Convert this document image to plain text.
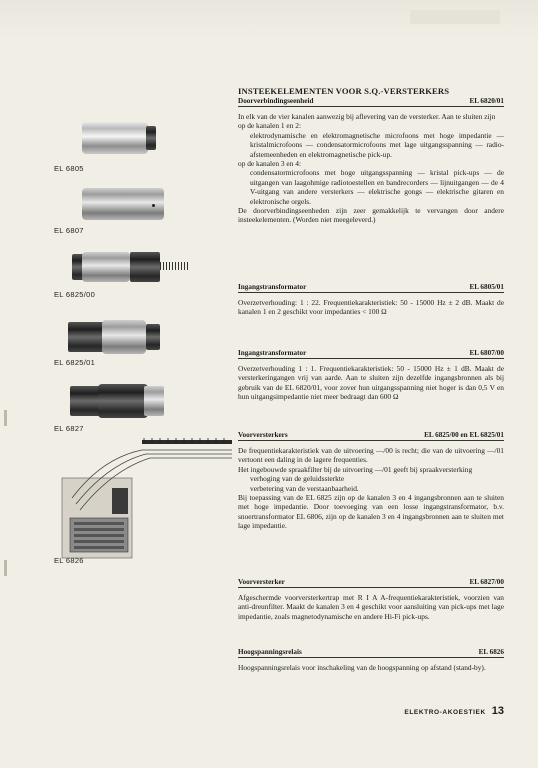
EL 6805
EL 6807
EL 6825/00
EL 6825/01
EL 6827
EL 6826
INSTEEKELEMENTEN VOOR S.Q.-VERSTERKERS
Doorverbindingseenheid	EL 6820/01

In elk van de vier kanalen aanwezig bij aflevering van de versterker. Aan te sluiten zijn

op de kanalen 1 en 2:

elektrodynamische en elektromagnetische microfoons met hoge impedantie — kristalmicrofoons — condensatormicrofoons met lage uitgangsspanning — radio-afstemeenheden en elektromagnetische pick-up.

op de kanalen 3 en 4:

condensatormicrofoons met hoge uitgangsspanning — kristal pick-ups — de uitgangen van laagohmige radiotoestellen en bandrecorders — lijnuitgangen — de 4 V-uitgang van andere versterkers — elektrische gongs — elektrische gitaren en elektronische orgels.

De doorverbindingseenheden zijn zeer gemakkelijk te vervangen door andere insteekelementen. (Worden niet meegeleverd.)

Ingangstransformator	EL 6805/01

Overzetverhouding: 1 : 22. Frequentiekarakteristiek: 50 - 15000 Hz ± 2 dB. Maakt de kanalen 1 en 2 geschikt voor impedanties < 100 Ω

Ingangstransformator	EL 6807/00

Overzetverhouding 1 : 1. Frequentiekarakteristiek: 50 - 15000 Hz ± 1 dB. Maakt de versterkeringangen vrij van aarde. Aan te sluiten zijn dezelfde ingangsbronnen als bij gebruik van de EL 6820/01, voor zover hun uitgangsspanning niet hoger is dan 0,5 V en hun uitgangsimpedantie niet meer bedraagt dan 600 Ω

Voorversterkers	EL 6825/00 en EL 6825/01

De frequentiekarakteristiek van de uitvoering —/00 is recht; die van de uitvoering —/01 vertoont een daling in de lagere frequenties.

Het ingebouwde spraakfilter bij de uitvoering —/01 geeft bij spraakversterking

verhoging van de geluidssterkte

verbetering van de verstaanbaarheid.

Bij toepassing van de EL 6825 zijn op de kanalen 3 en 4 ingangsbronnen aan te sluiten met hoge impedantie. Door toevoeging van een losse ingangstransformator, b.v. snoertransformator EL 6806, zijn op de kanalen 3 en 4 ingangsbronnen aan te sluiten met lage impedantie.

Voorversterker	EL 6827/00

Afgeschermde voorversterkertrap met R I A A-frequentiekarakteristiek, voorzien van anti-dreunfilter. Maakt de kanalen 3 en 4 geschikt voor aansluiting van pick-ups met lage impedantie, zoals magnetodynamische en andere Hi-Fi pick-ups.

Hoogspanningsrelais	EL 6826

Hoogspanningsrelais voor inschakeling van de hoogspanning op afstand (stand-by).

ELEKTRO-AKOESTIEK 13
